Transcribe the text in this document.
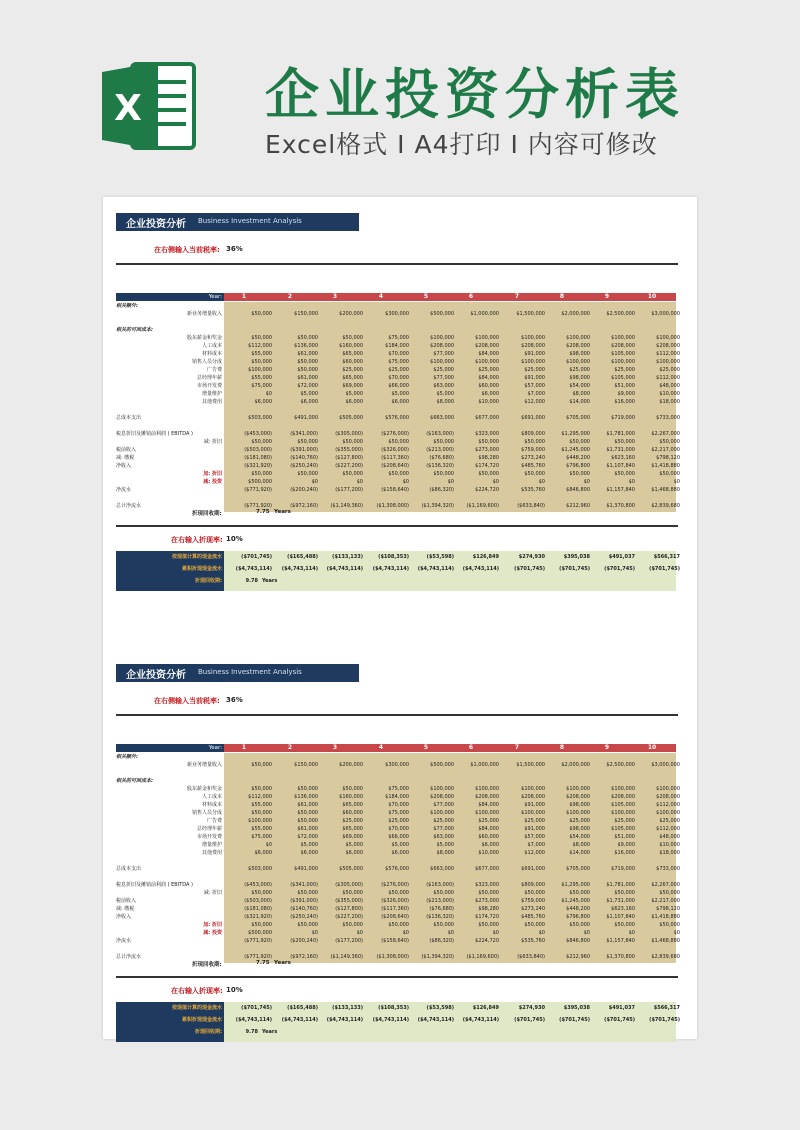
X 企业投资分析表
Excel格式 I A4打印 I 内容可修改
企业投资分析 Business Investment Analysis
在右侧输入当前税率: 36%
Year:	1	2	3	4	5	6	7	8	9	10
相关额外:
新业务增量收入	$50,000	$150,000	$200,000	$300,000	$500,000	$1,000,000	$1,500,000	$2,000,000	$2,500,000	$3,000,000
相关的可回成本:
股东薪金和奖金	$50,000	$50,000	$50,000	$75,000	$100,000	$100,000	$100,000	$100,000	$100,000	$100,000
人工成本	$112,000	$136,000	$160,000	$184,000	$208,000	$208,000	$208,000	$208,000	$208,000	$208,000
材料成本	$55,000	$61,000	$65,000	$70,000	$77,000	$84,000	$91,000	$98,000	$105,000	$112,000
销售人员分成	$50,000	$50,000	$60,000	$75,000	$100,000	$100,000	$100,000	$100,000	$100,000	$100,000
广告费	$100,000	$50,000	$25,000	$25,000	$25,000	$25,000	$25,000	$25,000	$25,000	$25,000
总经理年薪	$55,000	$61,000	$65,000	$70,000	$77,000	$84,000	$91,000	$98,000	$105,000	$112,000
市场开发费	$75,000	$72,000	$69,000	$66,000	$63,000	$60,000	$57,000	$54,000	$51,000	$48,000
增量维护	$0	$5,000	$5,000	$5,000	$5,000	$6,000	$7,000	$8,000	$9,000	$10,000
其他费用	$6,000	$6,000	$6,000	$6,000	$8,000	$10,000	$12,000	$14,000	$16,000	$18,000
总成本支出	$503,000	$491,000	$505,000	$576,000	$663,000	$677,000	$691,000	$705,000	$719,000	$733,000
税息折旧及摊销前利润 ( EBITDA )	($453,000)	($341,000)	($305,000)	($276,000)	($163,000)	$323,000	$809,000	$1,295,000	$1,781,000	$2,267,000
减: 折旧	$50,000	$50,000	$50,000	$50,000	$50,000	$50,000	$50,000	$50,000	$50,000	$50,000
税前收入	($503,000)	($391,000)	($355,000)	($326,000)	($213,000)	$273,000	$759,000	$1,245,000	$1,731,000	$2,217,000
减: 缴税	($181,080)	($140,760)	($127,800)	($117,360)	($76,680)	$98,280	$273,240	$448,200	$623,160	$798,120
净收入	($321,920)	($250,240)	($227,200)	($208,640)	($136,320)	$174,720	$485,760	$796,800	$1,107,840	$1,418,880
加: 折旧	$50,000	$50,000	$50,000	$50,000	$50,000	$50,000	$50,000	$50,000	$50,000	$50,000
减: 投资	$500,000	$0	$0	$0	$0	$0	$0	$0	$0	$0
净流水	($771,920)	($200,240)	($177,200)	($158,640)	($86,320)	$224,720	$535,760	$846,800	$1,157,840	$1,468,880
总计净流水	($771,920)	($972,160)	($1,149,360)	($1,308,000)	($1,394,320)	($1,169,600)	($633,840)	$212,960	$1,370,800	$2,839,680
折现回收期:	7.75 Years
在右输入折现率: 10%
按现值计算的现金流水	($701,745)	($165,488)	($133,133)	($108,353)	($53,598)	$126,849	$274,930	$395,038	$491,037	$566,317
累积折现现金流水	($4,743,114)	($4,743,114)	($4,743,114)	($4,743,114)	($4,743,114)	($4,743,114)	($701,745)	($701,745)	($701,745)	($701,745)
折现回收期:	9.78 Years
企业投资分析 Business Investment Analysis
在右侧输入当前税率: 36%
Year:	1	2	3	4	5	6	7	8	9	10
相关额外:
新业务增量收入	$50,000	$150,000	$200,000	$300,000	$500,000	$1,000,000	$1,500,000	$2,000,000	$2,500,000	$3,000,000
相关的可回成本:
股东薪金和奖金	$50,000	$50,000	$50,000	$75,000	$100,000	$100,000	$100,000	$100,000	$100,000	$100,000
人工成本	$112,000	$136,000	$160,000	$184,000	$208,000	$208,000	$208,000	$208,000	$208,000	$208,000
材料成本	$55,000	$61,000	$65,000	$70,000	$77,000	$84,000	$91,000	$98,000	$105,000	$112,000
销售人员分成	$50,000	$50,000	$60,000	$75,000	$100,000	$100,000	$100,000	$100,000	$100,000	$100,000
广告费	$100,000	$50,000	$25,000	$25,000	$25,000	$25,000	$25,000	$25,000	$25,000	$25,000
总经理年薪	$55,000	$61,000	$65,000	$70,000	$77,000	$84,000	$91,000	$98,000	$105,000	$112,000
市场开发费	$75,000	$72,000	$69,000	$66,000	$63,000	$60,000	$57,000	$54,000	$51,000	$48,000
增量维护	$0	$5,000	$5,000	$5,000	$5,000	$6,000	$7,000	$8,000	$9,000	$10,000
其他费用	$6,000	$6,000	$6,000	$6,000	$8,000	$10,000	$12,000	$14,000	$16,000	$18,000
总成本支出	$503,000	$491,000	$505,000	$576,000	$663,000	$677,000	$691,000	$705,000	$719,000	$733,000
税息折旧及摊销前利润 ( EBITDA )	($453,000)	($341,000)	($305,000)	($276,000)	($163,000)	$323,000	$809,000	$1,295,000	$1,781,000	$2,267,000
减: 折旧	$50,000	$50,000	$50,000	$50,000	$50,000	$50,000	$50,000	$50,000	$50,000	$50,000
税前收入	($503,000)	($391,000)	($355,000)	($326,000)	($213,000)	$273,000	$759,000	$1,245,000	$1,731,000	$2,217,000
减: 缴税	($181,080)	($140,760)	($127,800)	($117,360)	($76,680)	$98,280	$273,240	$448,200	$623,160	$798,120
净收入	($321,920)	($250,240)	($227,200)	($208,640)	($136,320)	$174,720	$485,760	$796,800	$1,107,840	$1,418,880
加: 折旧	$50,000	$50,000	$50,000	$50,000	$50,000	$50,000	$50,000	$50,000	$50,000	$50,000
减: 投资	$500,000	$0	$0	$0	$0	$0	$0	$0	$0	$0
净流水	($771,920)	($200,240)	($177,200)	($158,640)	($86,320)	$224,720	$535,760	$846,800	$1,157,840	$1,468,880
总计净流水	($771,920)	($972,160)	($1,149,360)	($1,308,000)	($1,394,320)	($1,169,600)	($633,840)	$212,960	$1,370,800	$2,839,680
折现回收期:	7.75 Years
在右输入折现率: 10%
按现值计算的现金流水	($701,745)	($165,488)	($133,133)	($108,353)	($53,598)	$126,849	$274,930	$395,038	$491,037	$566,317
累积折现现金流水	($4,743,114)	($4,743,114)	($4,743,114)	($4,743,114)	($4,743,114)	($4,743,114)	($701,745)	($701,745)	($701,745)	($701,745)
折现回收期:	9.78 Years
